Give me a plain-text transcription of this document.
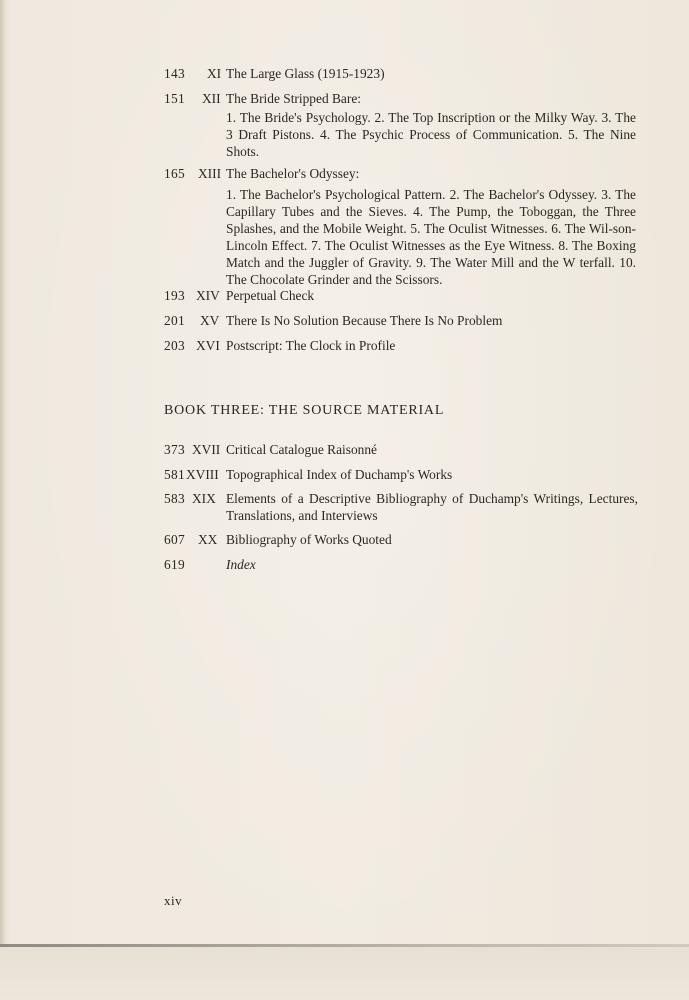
143	XI The Large Glass (1915-1923)
151	XII The Bride Stripped Bare:
1. The Bride's Psychology. 2. The Top Inscription or the Milky Way. 3. The 3 Draft Pistons. 4. The Psychic Process of Communication. 5. The Nine Shots.
165 XIII The Bachelor's Odyssey:
1. The Bachelor's Psychological Pattern. 2. The Bachelor's Odyssey. 3. The Capillary Tubes and the Sieves. 4. The Pump, the Toboggan, the Three Splashes, and the Mobile Weight. 5. The Oculist Witnesses. 6. The Wil-son-Lincoln Effect. 7. The Oculist Witnesses as the Eye Witness. 8. The Boxing Match and the Juggler of Gravity. 9. The Water Mill and the W terfall. 10. The Chocolate Grinder and the Scissors.
193 XIV Perpetual Check
201	XV There Is No Solution Because There Is No Problem
203 XVI Postscript: The Clock in Profile
BOOK THREE: THE SOURCE MATERIAL
373 XVII Critical Catalogue Raisonné
581 XVIII Topographical Index of Duchamp's Works
583 XIX Elements of a Descriptive Bibliography of Duchamp's Writings, Lectures, Translations, and Interviews
607 XX Bibliography of Works Quoted
619	Index
xiv
